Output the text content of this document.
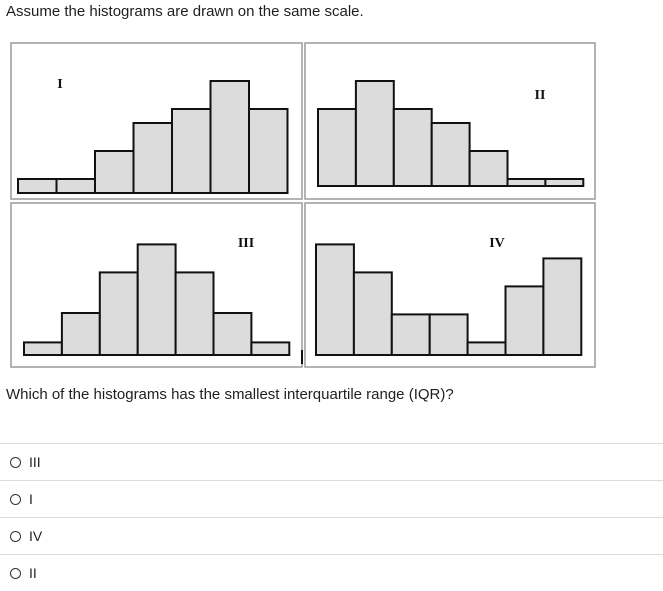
Assume the histograms are drawn on the same scale.
I
II
III	IV
Which of the histograms has the smallest interquartile range (IQR)?
III
I
IV
II
